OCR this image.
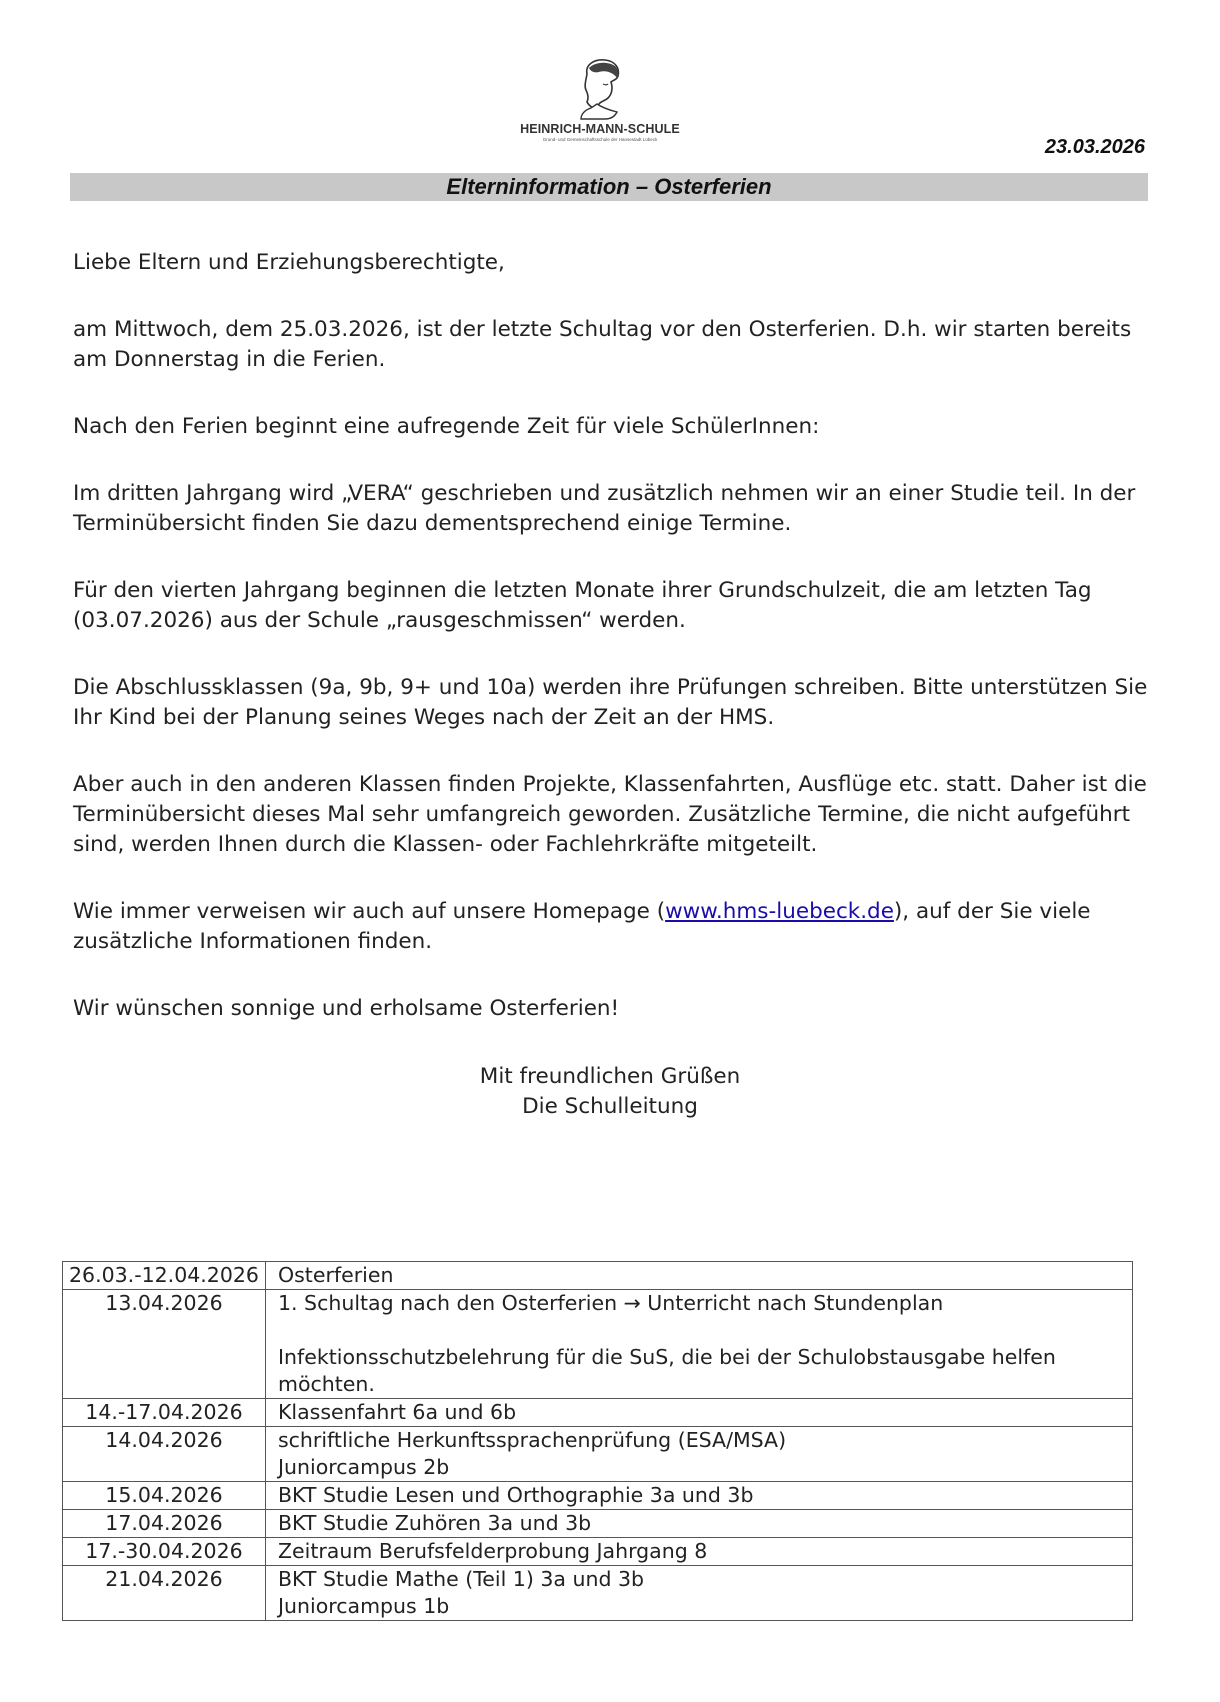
HEINRICH-MANN-SCHULE
Grund- und Gemeinschaftsschule der Hansestadt Lübeck	23.03.2026
Elterninformation – Osterferien

Liebe Eltern und Erziehungsberechtigte,

am Mittwoch, dem 25.03.2026, ist der letzte Schultag vor den Osterferien. D.h. wir starten bereits am Donnerstag in die Ferien.

Nach den Ferien beginnt eine aufregende Zeit für viele SchülerInnen:

Im dritten Jahrgang wird „VERA“ geschrieben und zusätzlich nehmen wir an einer Studie teil. In der Terminübersicht finden Sie dazu dementsprechend einige Termine.

Für den vierten Jahrgang beginnen die letzten Monate ihrer Grundschulzeit, die am letzten Tag (03.07.2026) aus der Schule „rausgeschmissen“ werden.

Die Abschlussklassen (9a, 9b, 9+ und 10a) werden ihre Prüfungen schreiben. Bitte unterstützen Sie Ihr Kind bei der Planung seines Weges nach der Zeit an der HMS.

Aber auch in den anderen Klassen finden Projekte, Klassenfahrten, Ausflüge etc. statt. Daher ist die Terminübersicht dieses Mal sehr umfangreich geworden. Zusätzliche Termine, die nicht aufgeführt sind, werden Ihnen durch die Klassen- oder Fachlehrkräfte mitgeteilt.

Wie immer verweisen wir auch auf unsere Homepage (www.hms-luebeck.de), auf der Sie viele zusätzliche Informationen finden.

Wir wünschen sonnige und erholsame Osterferien!

Mit freundlichen Grüßen
Die Schulleitung
26.03.-12.04.2026	Osterferien

13.04.2026	1. Schultag nach den Osterferien → Unterricht nach Stundenplan
Infektionsschutzbelehrung für die SuS, die bei der Schulobstausgabe helfen möchten.

14.-17.04.2026	Klassenfahrt 6a und 6b

14.04.2026	schriftliche Herkunftssprachenprüfung (ESA/MSA)
Juniorcampus 2b

15.04.2026	BKT Studie Lesen und Orthographie 3a und 3b

17.04.2026	BKT Studie Zuhören 3a und 3b

17.-30.04.2026	Zeitraum Berufsfelderprobung Jahrgang 8

21.04.2026	BKT Studie Mathe (Teil 1) 3a und 3b
Juniorcampus 1b
